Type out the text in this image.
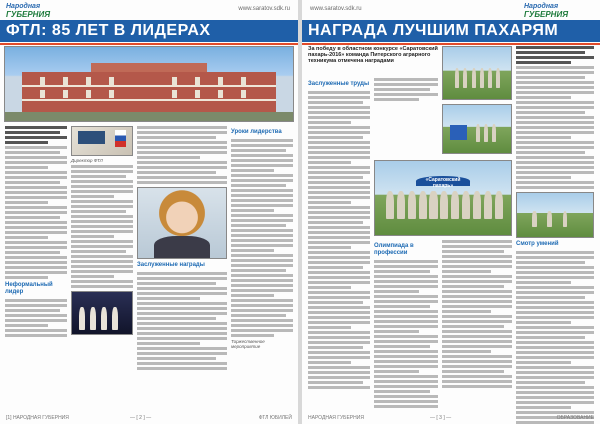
Народная
ГУБЕРНИЯ
www.saratov.sdk.ru
ФТЛ: 85 ЛЕТ В ЛИДЕРАХ
Неформальный лидер
Директор ФТЛ
Заслуженные награды
Уроки лидерства
Торжественное мероприятие
[1] НАРОДНАЯ ГУБЕРНИЯ	— [ 2 ] —	ФТЛ ЮБИЛЕЙ
www.saratov.sdk.ru	Народная
ГУБЕРНИЯ
НАГРАДА ЛУЧШИМ ПАХАРЯМ
За победу в областном конкурсе «Саратовский пахарь-2016» команда Питерского аграрного техникума отмечена наградами
Заслуженные труды
«Саратовский пахарь»
Олимпиада в профессии
Смотр умений
НАРОДНАЯ ГУБЕРНИЯ	— [ 3 ] —	ОБРАЗОВАНИЕ
